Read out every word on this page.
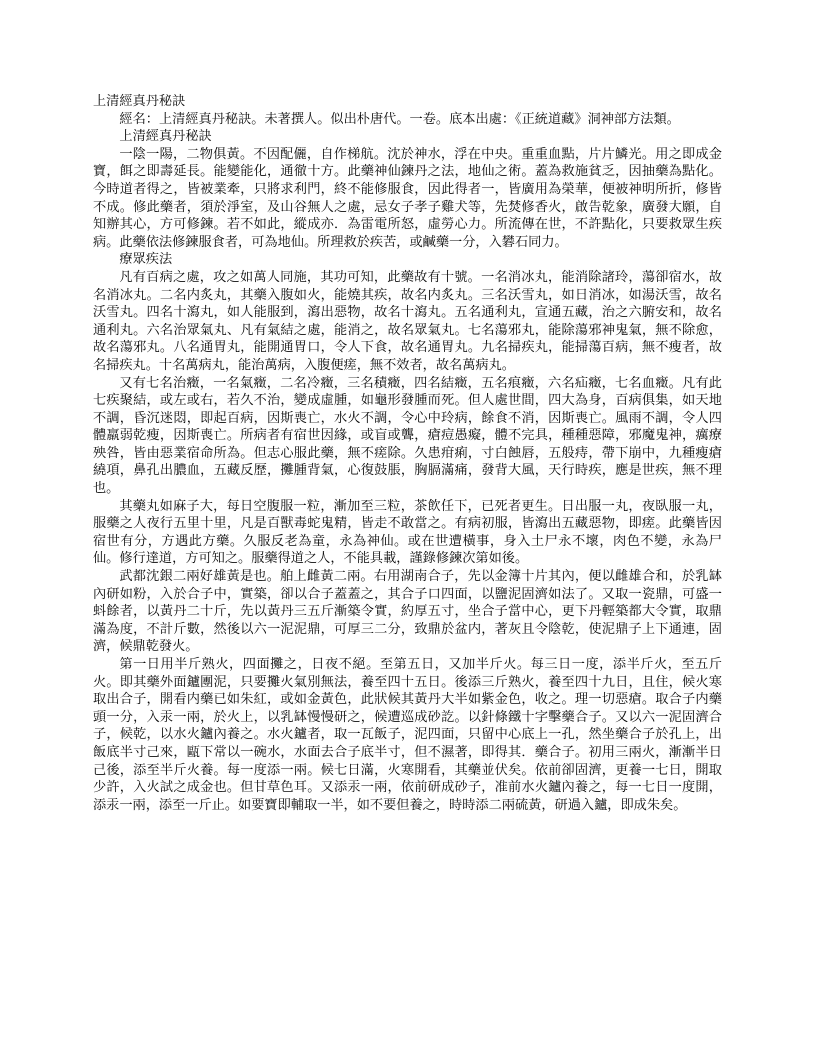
上清經真丹秘訣

經名：上清經真丹秘訣。未著撰人。似出朴唐代。一卷。底本出處：《正統道藏》洞神部方法類。

上清經真丹秘訣

一陰一陽，二物俱黃。不因配儷，自作梯航。沈於神水，浮在中央。重重血點，片片鱗光。用之即成金寶，餌之即壽延長。能變能化，通徹十方。此藥神仙鍊丹之法，地仙之術。蓋為救施貧乏，因抽藥為點化。今時道者得之，皆被業牽，只將求利門，終不能修服食，因此得者一，皆廣用為榮華，便被神明所折，修皆不成。修此藥者，須於淨室，及山谷無人之處，忌女子孝子雞犬等，先焚修香火，啟告乾象，廣發大願，自知辦其心，方可修鍊。若不如此，縱成亦．為雷電所怒，虛勞心力。所流傳在世，不許點化，只要救眾生疾病。此藥依法修鍊服食者，可為地仙。所理救於疾苦，或鹹藥一分，入礬石同力。

療眾疾法

凡有百病之處，攻之如萬人同施，其功可知，此藥故有十號。一名消冰丸，能消除諸玲，蕩卻宿水，故名消冰丸。二名内炙丸，其藥入腹如火，能燒其疾，故名内炙丸。三名沃雪丸，如日消冰，如湯沃雪，故名沃雪丸。四名十瀉丸，如人能服到，瀉出惡物，故名十瀉丸。五名通利丸，宣通五藏，治之六腑安和，故名通利丸。六名治眾氣丸、凡有氣結之處，能消之，故名眾氣丸。七名蕩邪丸，能除蕩邪神鬼氣，無不除愈，故名蕩邪丸。八名通胃丸，能開通胃口，令人下食，故名通胃丸。九名掃疾丸，能掃蕩百病，無不瘦者，故名掃疾丸。十名萬病丸，能治萬病，入腹便瘥，無不效者，故名萬病丸。

又有七名治癥，一名氣癥，二名冷癥，三名積癥，四名結癥，五名痕癥，六名疝癥，七名血癥。凡有此七疾聚結，或左或右，若久不治，變成虛腫，如龜形發腫而死。但人處世間，四大為身，百病俱集，如天地不調，昏沉迷悶，即起百病，因斯喪亡，水火不調，令心中玲病，餘食不消，因斯喪亡。風雨不調，令人四體羸弱乾瘦，因斯喪亡。所病者有宿世因緣，或盲或聾，瘡痘愚癡，體不完具，種種惡障，邪魔鬼神，癘療殃咎，皆由惡業宿命所為。但志心服此藥，無不瘥除。久患疳痢，寸白蝕唇，五般痔，帶下崩中，九種瘦瘡繞項，鼻孔出膿血，五藏反歷，攤腫背氣，心復鼓脹，胸膈滿痛，發背大風，天行時疾，應是世疾，無不理也。

其藥丸如麻子大，每日空腹服一粒，漸加至三粒，茶飲任下，已死者更生。日出服一丸，夜臥服一丸，服藥之人夜行五里十里，凡是百獸毒蛇鬼精，皆走不敢當之。有病初服，皆瀉出五藏惡物，即瘥。此藥皆因宿世有分，方遇此方藥。久服反老為童，永為神仙。或在世遭橫事，身入土尸永不壞，肉色不變，永為尸仙。修行達道，方可知之。服藥得道之人，不能具載，謹錄修鍊次第如後。

武都沈銀二兩好雄黃是也。舶上雌黃二兩。右用湖南合子，先以金簿十片其內，便以雌雄合和，於乳缽內研如粉，入於合子中，實築，卻以合子蓋蓋之，其合子口四面，以鹽泥固濟如法了。又取一瓷鼎，可盛一蚪餘者，以黃丹二十斤，先以黃丹三五斤漸築令實，約厚五寸，坐合子當中心，更下丹輕築都大令實，取鼎滿為度，不計斤數，然後以六一泥泥鼎，可厚三二分，致鼎於盆内，著灰且令陰乾，使泥鼎子上下通連，固濟，候鼎乾發火。

第一日用半斤熟火，四面攤之，日夜不絕。至第五日，又加半斤火。每三日一度，添半斤火，至五斤火。即其藥外面鑪團泥，只要攤火氣別無法，養至四十五日。後添三斤熟火，養至四十九日，且住，候火寒取出合子，開看内藥已如朱紅，或如金黃色，此狀候其黃丹大半如紫金色，收之。理一切惡瘡。取合子内藥頭一分，入汞一兩，於火上，以乳缽慢慢研之，候遭巡成砂訖。以針條鐵十字擊藥合子。又以六一泥固濟合子，候乾，以水火鑪內養之。水火鑪者，取一瓦飯子，泥四面，只留中心底上一孔，然坐藥合子於孔上，出飯底半寸己來，甌下常以一碗水，水面去合子底半寸，但不濕著，即得其．藥合子。初用三兩火，漸漸半日己後，添至半斤火養。每一度添一兩。候七日滿，火寒開看，其藥並伏矣。依前卻固濟，更養一七日，開取少許，入火試之成金也。但甘草色耳。又添汞一兩，依前研成砂子，准前水火鑪內養之，每一七日一度開，添汞一兩，添至一斤止。如要寶即輔取一半，如不要但養之，時時添二兩硫黃，研過入鑪，即成朱矣。
